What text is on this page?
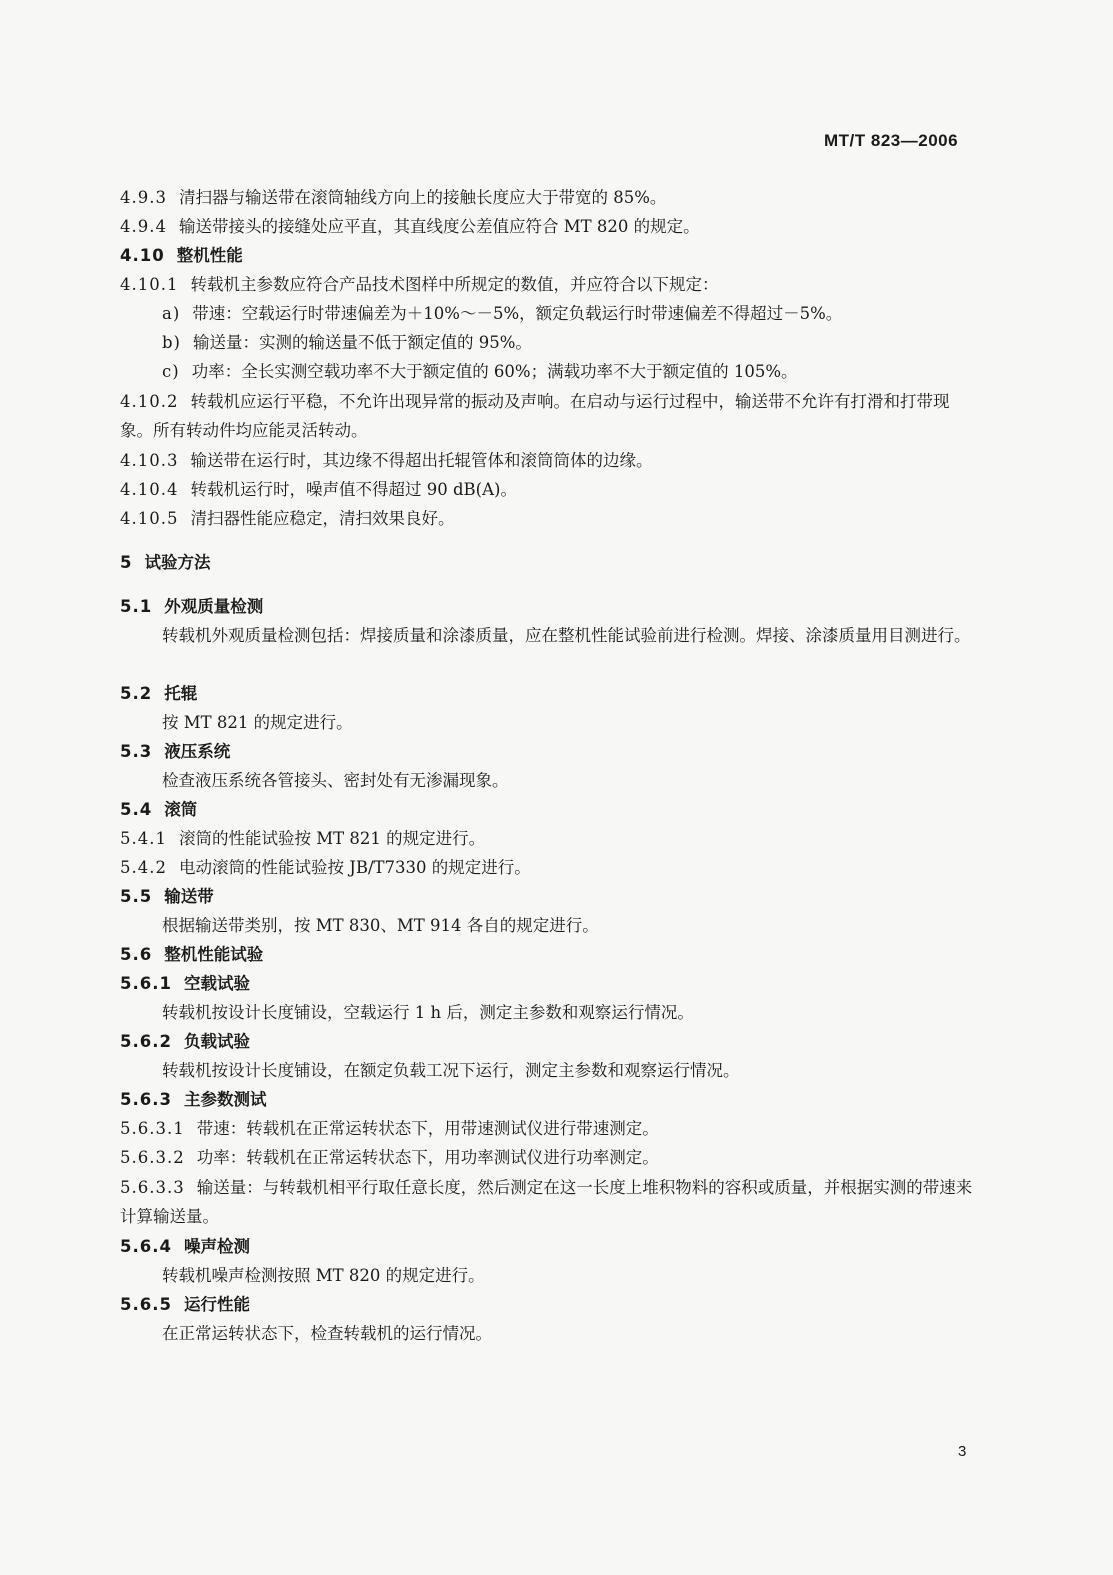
MT/T 823—2006
4.9.3 清扫器与输送带在滚筒轴线方向上的接触长度应大于带宽的 85%。
4.9.4 输送带接头的接缝处应平直，其直线度公差值应符合 MT 820 的规定。
4.10 整机性能
4.10.1 转载机主参数应符合产品技术图样中所规定的数值，并应符合以下规定：
a) 带速：空载运行时带速偏差为＋10%～－5%，额定负载运行时带速偏差不得超过－5%。
b) 输送量：实测的输送量不低于额定值的 95%。
c) 功率：全长实测空载功率不大于额定值的 60%；满载功率不大于额定值的 105%。
4.10.2 转载机应运行平稳，不允许出现异常的振动及声响。在启动与运行过程中，输送带不允许有打滑和打带现象。所有转动件均应能灵活转动。
4.10.3 输送带在运行时，其边缘不得超出托辊管体和滚筒筒体的边缘。
4.10.4 转载机运行时，噪声值不得超过 90 dB(A)。
4.10.5 清扫器性能应稳定，清扫效果良好。
5 试验方法
5.1 外观质量检测
转载机外观质量检测包括：焊接质量和涂漆质量，应在整机性能试验前进行检测。焊接、涂漆质量用目测进行。
5.2 托辊
按 MT 821 的规定进行。
5.3 液压系统
检查液压系统各管接头、密封处有无渗漏现象。
5.4 滚筒
5.4.1 滚筒的性能试验按 MT 821 的规定进行。
5.4.2 电动滚筒的性能试验按 JB/T7330 的规定进行。
5.5 输送带
根据输送带类别，按 MT 830、MT 914 各自的规定进行。
5.6 整机性能试验
5.6.1 空载试验
转载机按设计长度铺设，空载运行 1 h 后，测定主参数和观察运行情况。
5.6.2 负载试验
转载机按设计长度铺设，在额定负载工况下运行，测定主参数和观察运行情况。
5.6.3 主参数测试
5.6.3.1 带速：转载机在正常运转状态下，用带速测试仪进行带速测定。
5.6.3.2 功率：转载机在正常运转状态下，用功率测试仪进行功率测定。
5.6.3.3 输送量：与转载机相平行取任意长度，然后测定在这一长度上堆积物料的容积或质量，并根据实测的带速来计算输送量。
5.6.4 噪声检测
转载机噪声检测按照 MT 820 的规定进行。
5.6.5 运行性能
在正常运转状态下，检查转载机的运行情况。
3
